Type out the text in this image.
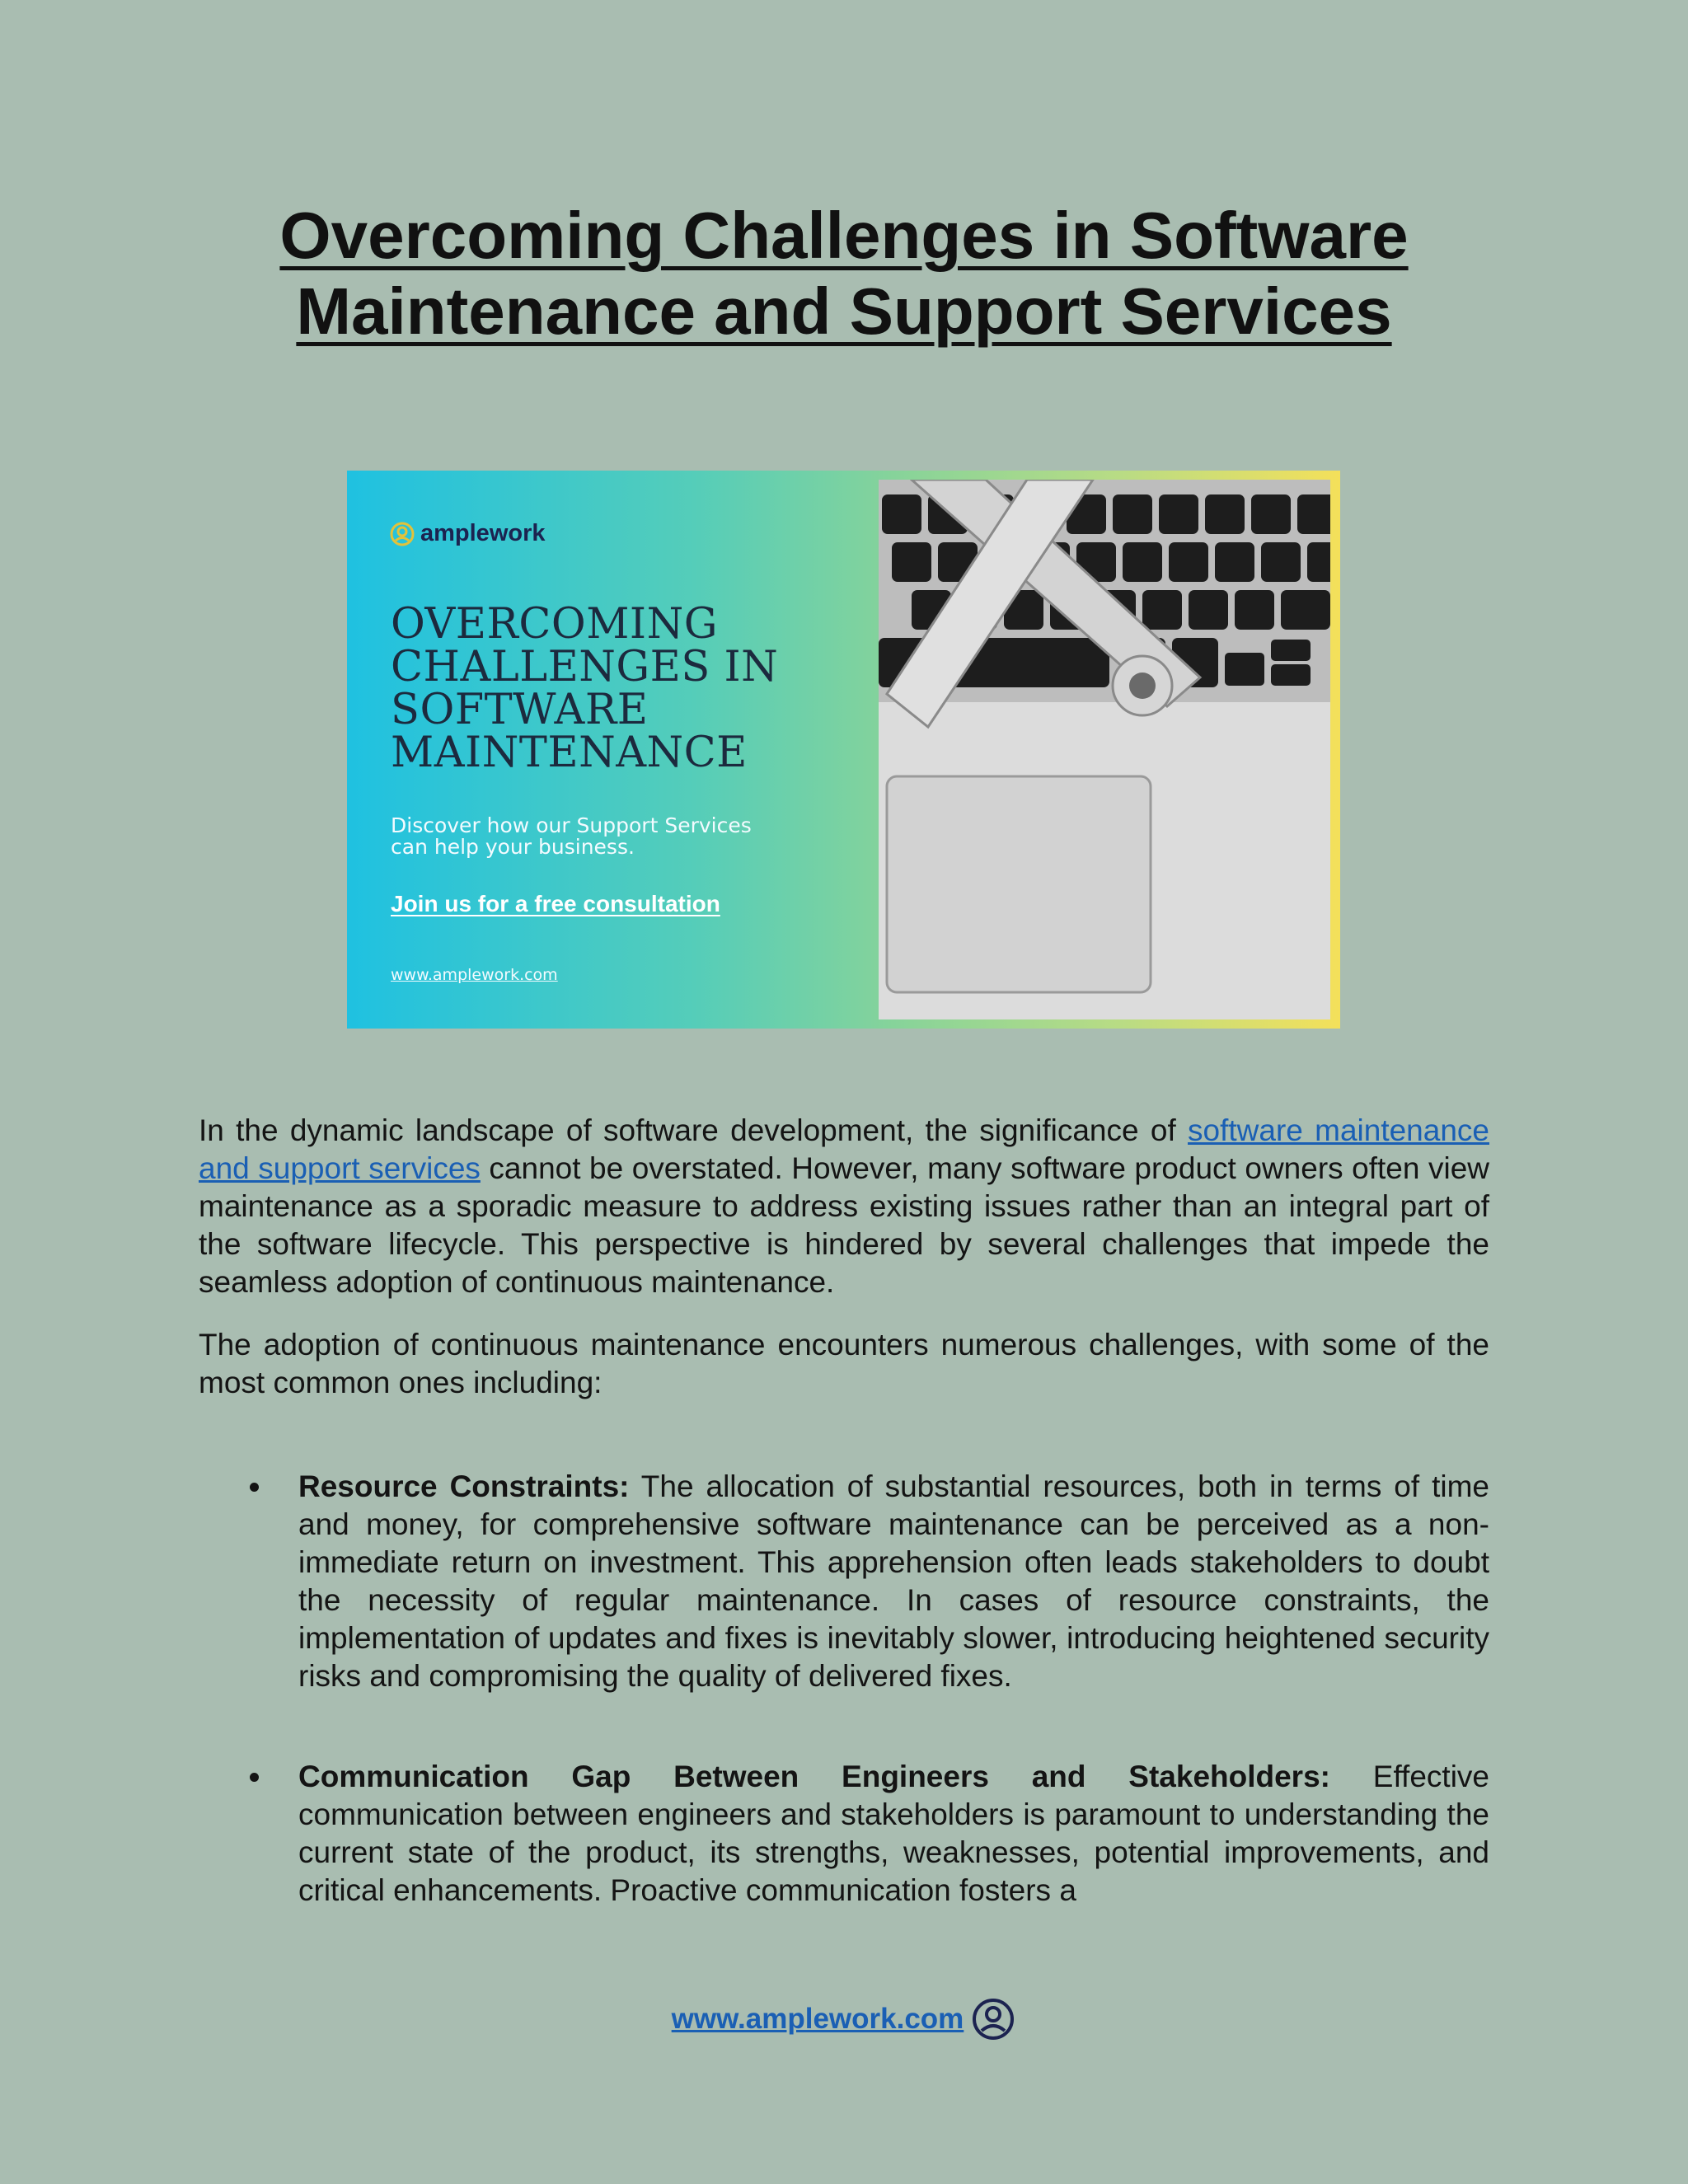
Overcoming Challenges in Software
Maintenance and Support Services
amplework
OVERCOMING
CHALLENGES IN
SOFTWARE
MAINTENANCE
Discover how our Support Services
can help your business.
Join us for a free consultation
www.amplework.com

In the dynamic landscape of software development, the significance of software maintenance and support services cannot be overstated. However, many software product owners often view maintenance as a sporadic measure to address existing issues rather than an integral part of the software lifecycle. This perspective is hindered by several challenges that impede the seamless adoption of continuous maintenance.

The adoption of continuous maintenance encounters numerous challenges, with some of the most common ones including:

Resource Constraints: The allocation of substantial resources, both in terms of time and money, for comprehensive software maintenance can be perceived as a non-immediate return on investment. This apprehension often leads stakeholders to doubt the necessity of regular maintenance. In cases of resource constraints, the implementation of updates and fixes is inevitably slower, introducing heightened security risks and compromising the quality of delivered fixes.

Communication Gap Between Engineers and Stakeholders: Effective communication between engineers and stakeholders is paramount to understanding the current state of the product, its strengths, weaknesses, potential improvements, and critical enhancements. Proactive communication fosters a

www.amplework.com
